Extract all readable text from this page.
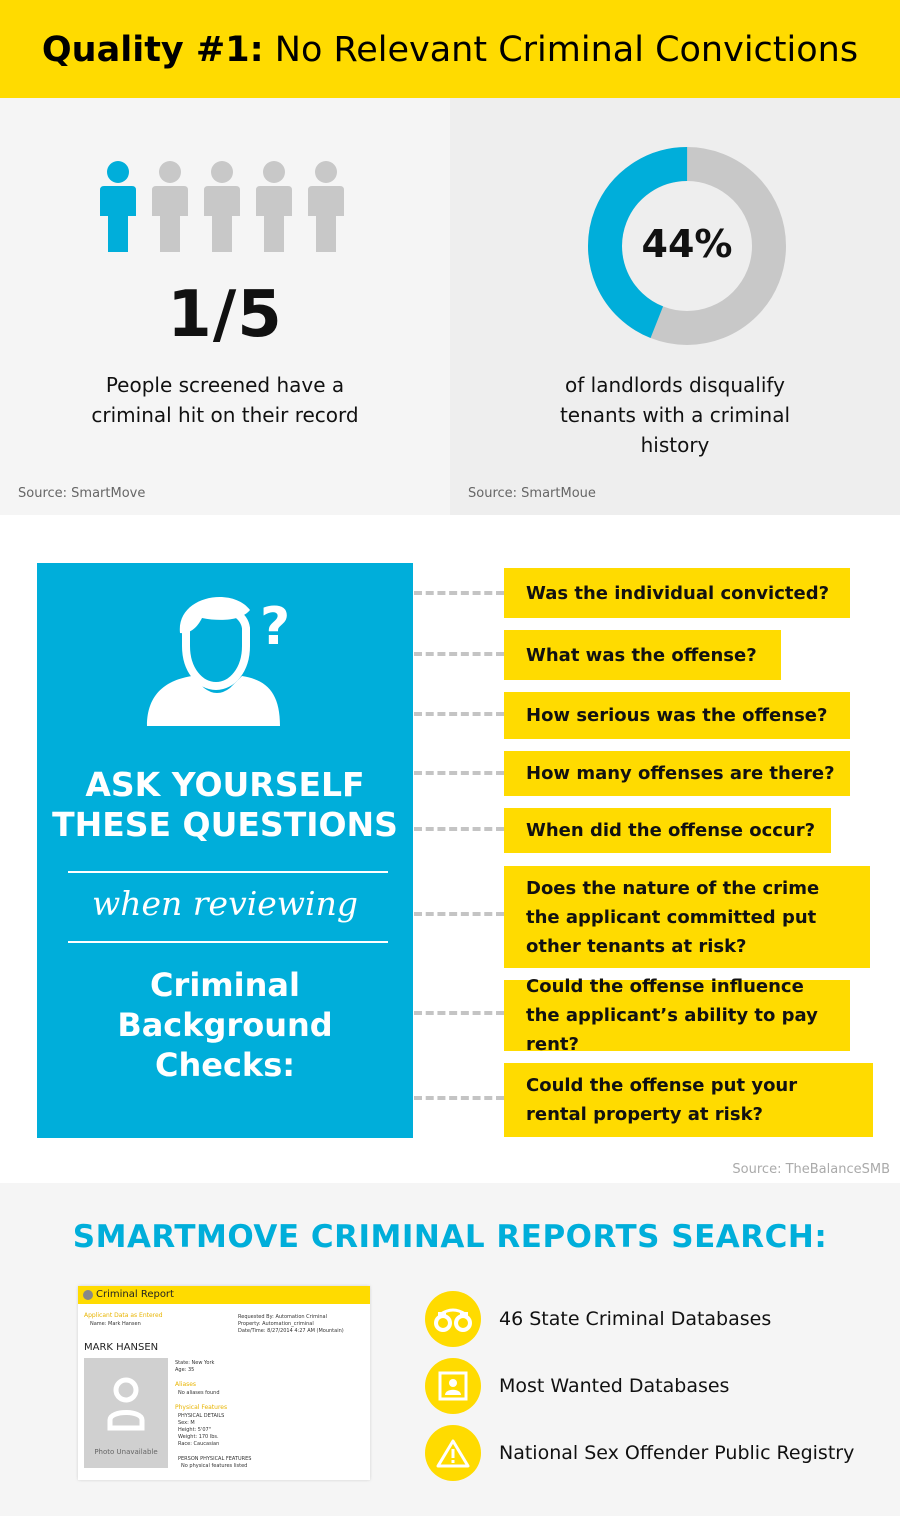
Quality #1: No Relevant Criminal Convictions
1/5
People screened have a criminal hit on their record
Source: SmartMove
44%
of landlords disqualify tenants with a criminal history
Source: SmartMoue
?
ASK YOURSELF
THESE QUESTIONS
when reviewing
Criminal
Background
Checks:
Was the individual convicted?
What was the offense?
How serious was the offense?
How many offenses are there?
When did the offense occur?
Does the nature of the crime the applicant committed put other tenants at risk?
Could the offense influence the applicant’s ability to pay rent?
Could the offense put your rental property at risk?
Source: TheBalanceSMB
SMARTMOVE CRIMINAL REPORTS SEARCH:
Criminal Report
Applicant Data as Entered
Name: Mark Hansen
Requested By: Automation Criminal
Property: Automation_criminal
Date/Time: 8/27/2014 4:27 AM (Mountain)
MARK HANSEN
Photo Unavailable
State: New York
Age: 35
Aliases
No aliases found
Physical Features
PHYSICAL DETAILS
Sex: M
Height: 5'07"
Weight: 170 lbs.
Race: Caucasian
PERSON PHYSICAL FEATURES
No physical features listed
46 State Criminal Databases
Most Wanted Databases
National Sex Offender Public Registry
